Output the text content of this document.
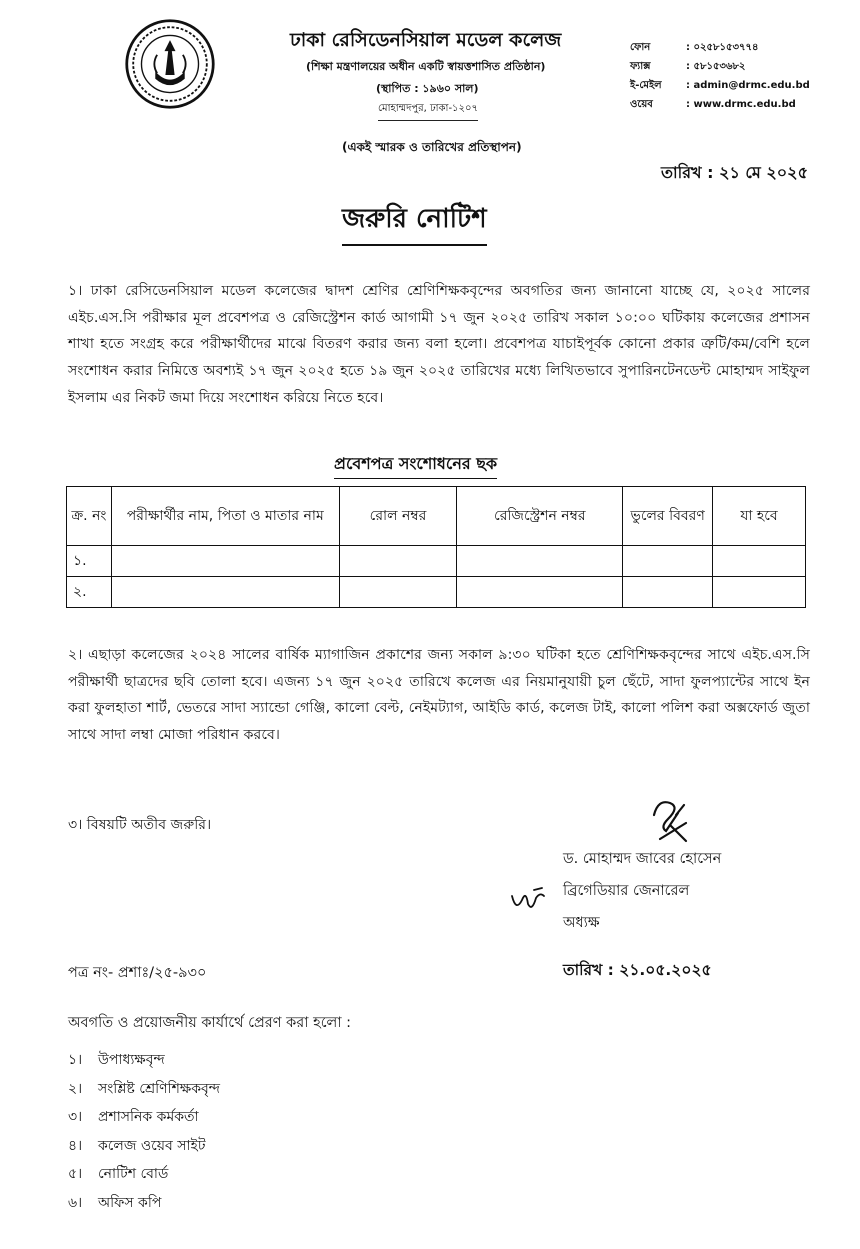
ঢাকা রেসিডেনসিয়াল মডেল কলেজ
(শিক্ষা মন্ত্রণালয়ের অধীন একটি স্বায়ত্তশাসিত প্রতিষ্ঠান)
(স্থাপিত : ১৯৬০ সাল)
মোহাম্মদপুর, ঢাকা-১২০৭
ফোন	: ০২৫৮১৫৩৭৭৪
ফ্যাক্স	: ৫৮১৫৩৬৮২
ই-মেইল	: admin@drmc.edu.bd
ওয়েব	: www.drmc.edu.bd
(একই স্মারক ও তারিখের প্রতিস্থাপন)
তারিখ : ২১ মে ২০২৫
জরুরি নোটিশ

১। ঢাকা রেসিডেনসিয়াল মডেল কলেজের দ্বাদশ শ্রেণির শ্রেণিশিক্ষকবৃন্দের অবগতির জন্য জানানো যাচ্ছে যে, ২০২৫ সালের এইচ.এস.সি পরীক্ষার মূল প্রবেশপত্র ও রেজিস্ট্রেশন কার্ড আগামী ১৭ জুন ২০২৫ তারিখ সকাল ১০:০০ ঘটিকায় কলেজের প্রশাসন শাখা হতে সংগ্রহ করে পরীক্ষার্থীদের মাঝে বিতরণ করার জন্য বলা হলো। প্রবেশপত্র যাচাইপূর্বক কোনো প্রকার ত্রুটি/কম/বেশি হলে সংশোধন করার নিমিত্তে অবশ্যই ১৭ জুন ২০২৫ হতে ১৯ জুন ২০২৫ তারিখের মধ্যে লিখিতভাবে সুপারিনটেনডেন্ট মোহাম্মদ সাইফুল ইসলাম এর নিকট জমা দিয়ে সংশোধন করিয়ে নিতে হবে।

প্রবেশপত্র সংশোধনের ছক
ক্র. নং	পরীক্ষার্থীর নাম, পিতা ও মাতার নাম	রোল নম্বর	রেজিস্ট্রেশন নম্বর	ভুলের বিবরণ	যা হবে
১.					
২.					

২। এছাড়া কলেজের ২০২৪ সালের বার্ষিক ম্যাগাজিন প্রকাশের জন্য সকাল ৯:৩০ ঘটিকা হতে শ্রেণিশিক্ষকবৃন্দের সাথে এইচ.এস.সি পরীক্ষার্থী ছাত্রদের ছবি তোলা হবে। এজন্য ১৭ জুন ২০২৫ তারিখে কলেজ এর নিয়মানুযায়ী চুল ছেঁটে, সাদা ফুলপ্যান্টের সাথে ইন করা ফুলহাতা শার্ট, ভেতরে সাদা স্যান্ডো গেঞ্জি, কালো বেল্ট, নেইমট্যাগ, আইডি কার্ড, কলেজ টাই, কালো পলিশ করা অক্সফোর্ড জুতা সাথে সাদা লম্বা মোজা পরিধান করবে।

৩। বিষয়টি অতীব জরুরি।

ড. মোহাম্মদ জাবের হোসেন
ব্রিগেডিয়ার জেনারেল
অধ্যক্ষ
তারিখ : ২১.০৫.২০২৫
পত্র নং- প্রশাঃ/২৫-৯৩০
অবগতি ও প্রয়োজনীয় কার্যার্থে প্রেরণ করা হলো :
১। উপাধ্যক্ষবৃন্দ
২। সংশ্লিষ্ট শ্রেণিশিক্ষকবৃন্দ
৩। প্রশাসনিক কর্মকর্তা
৪। কলেজ ওয়েব সাইট
৫। নোটিশ বোর্ড
৬। অফিস কপি
